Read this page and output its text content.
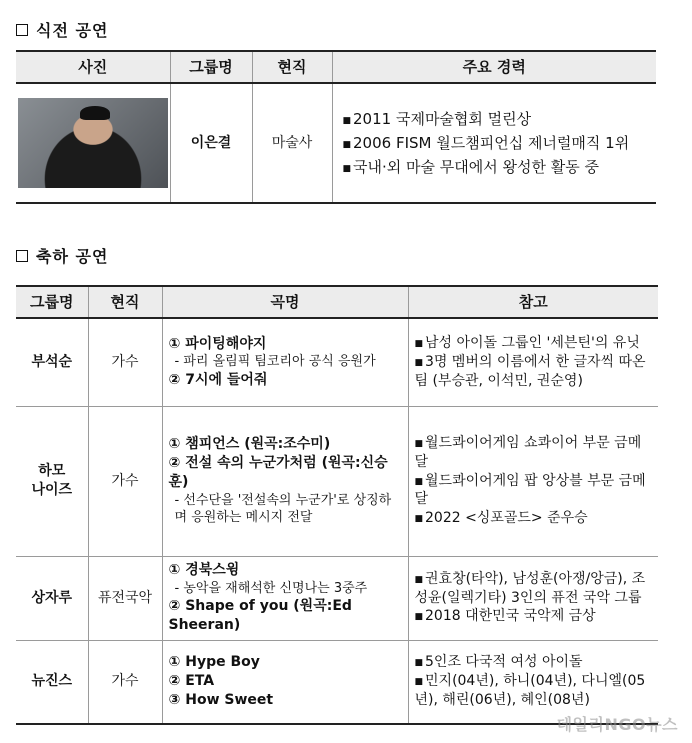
식전 공연
사진	그룹명	현직	주요 경력

	이은결	마술사	■ 2011 국제마술협회 멀린상
■ 2006 FISM 월드챔피언십 제너럴매직 1위
■ 국내·외 마술 무대에서 왕성한 활동 중
축하 공연
그룹명	현직	곡명	참고
부석순	가수	① 파이팅해야지
- 파리 올림픽 팀코리아 공식 응원가
② 7시에 들어줘	■ 남성 아이돌 그룹인 '세븐틴'의 유닛
■ 3명 멤버의 이름에서 한 글자씩 따온 팀 (부승관, 이석민, 권순영)

하모
나이즈	가수	① 챔피언스 (원곡:조수미)
② 전설 속의 누군가처럼 (원곡:신승훈)
- 선수단을 '전설속의 누군가'로 상징하며 응원하는 메시지 전달	■ 월드콰이어게임 쇼콰이어 부문 금메달
■ 월드콰이어게임 팝 앙상블 부문 금메달
■ 2022 <싱포골드> 준우승

상자루	퓨전국악	① 경북스윙
- 농악을 재해석한 신명나는 3중주
② Shape of you (원곡:Ed Sheeran)	■ 권효창(타악), 남성훈(아쟁/앙금), 조성윤(일렉기타) 3인의 퓨전 국악 그룹
■ 2018 대한민국 국악제 금상

뉴진스	가수	① Hype Boy
② ETA
③ How Sweet	■ 5인조 다국적 여성 아이돌
■ 민지(04년), 하니(04년), 다니엘(05년), 해린(06년), 혜인(08년)
데일리NGO뉴스
